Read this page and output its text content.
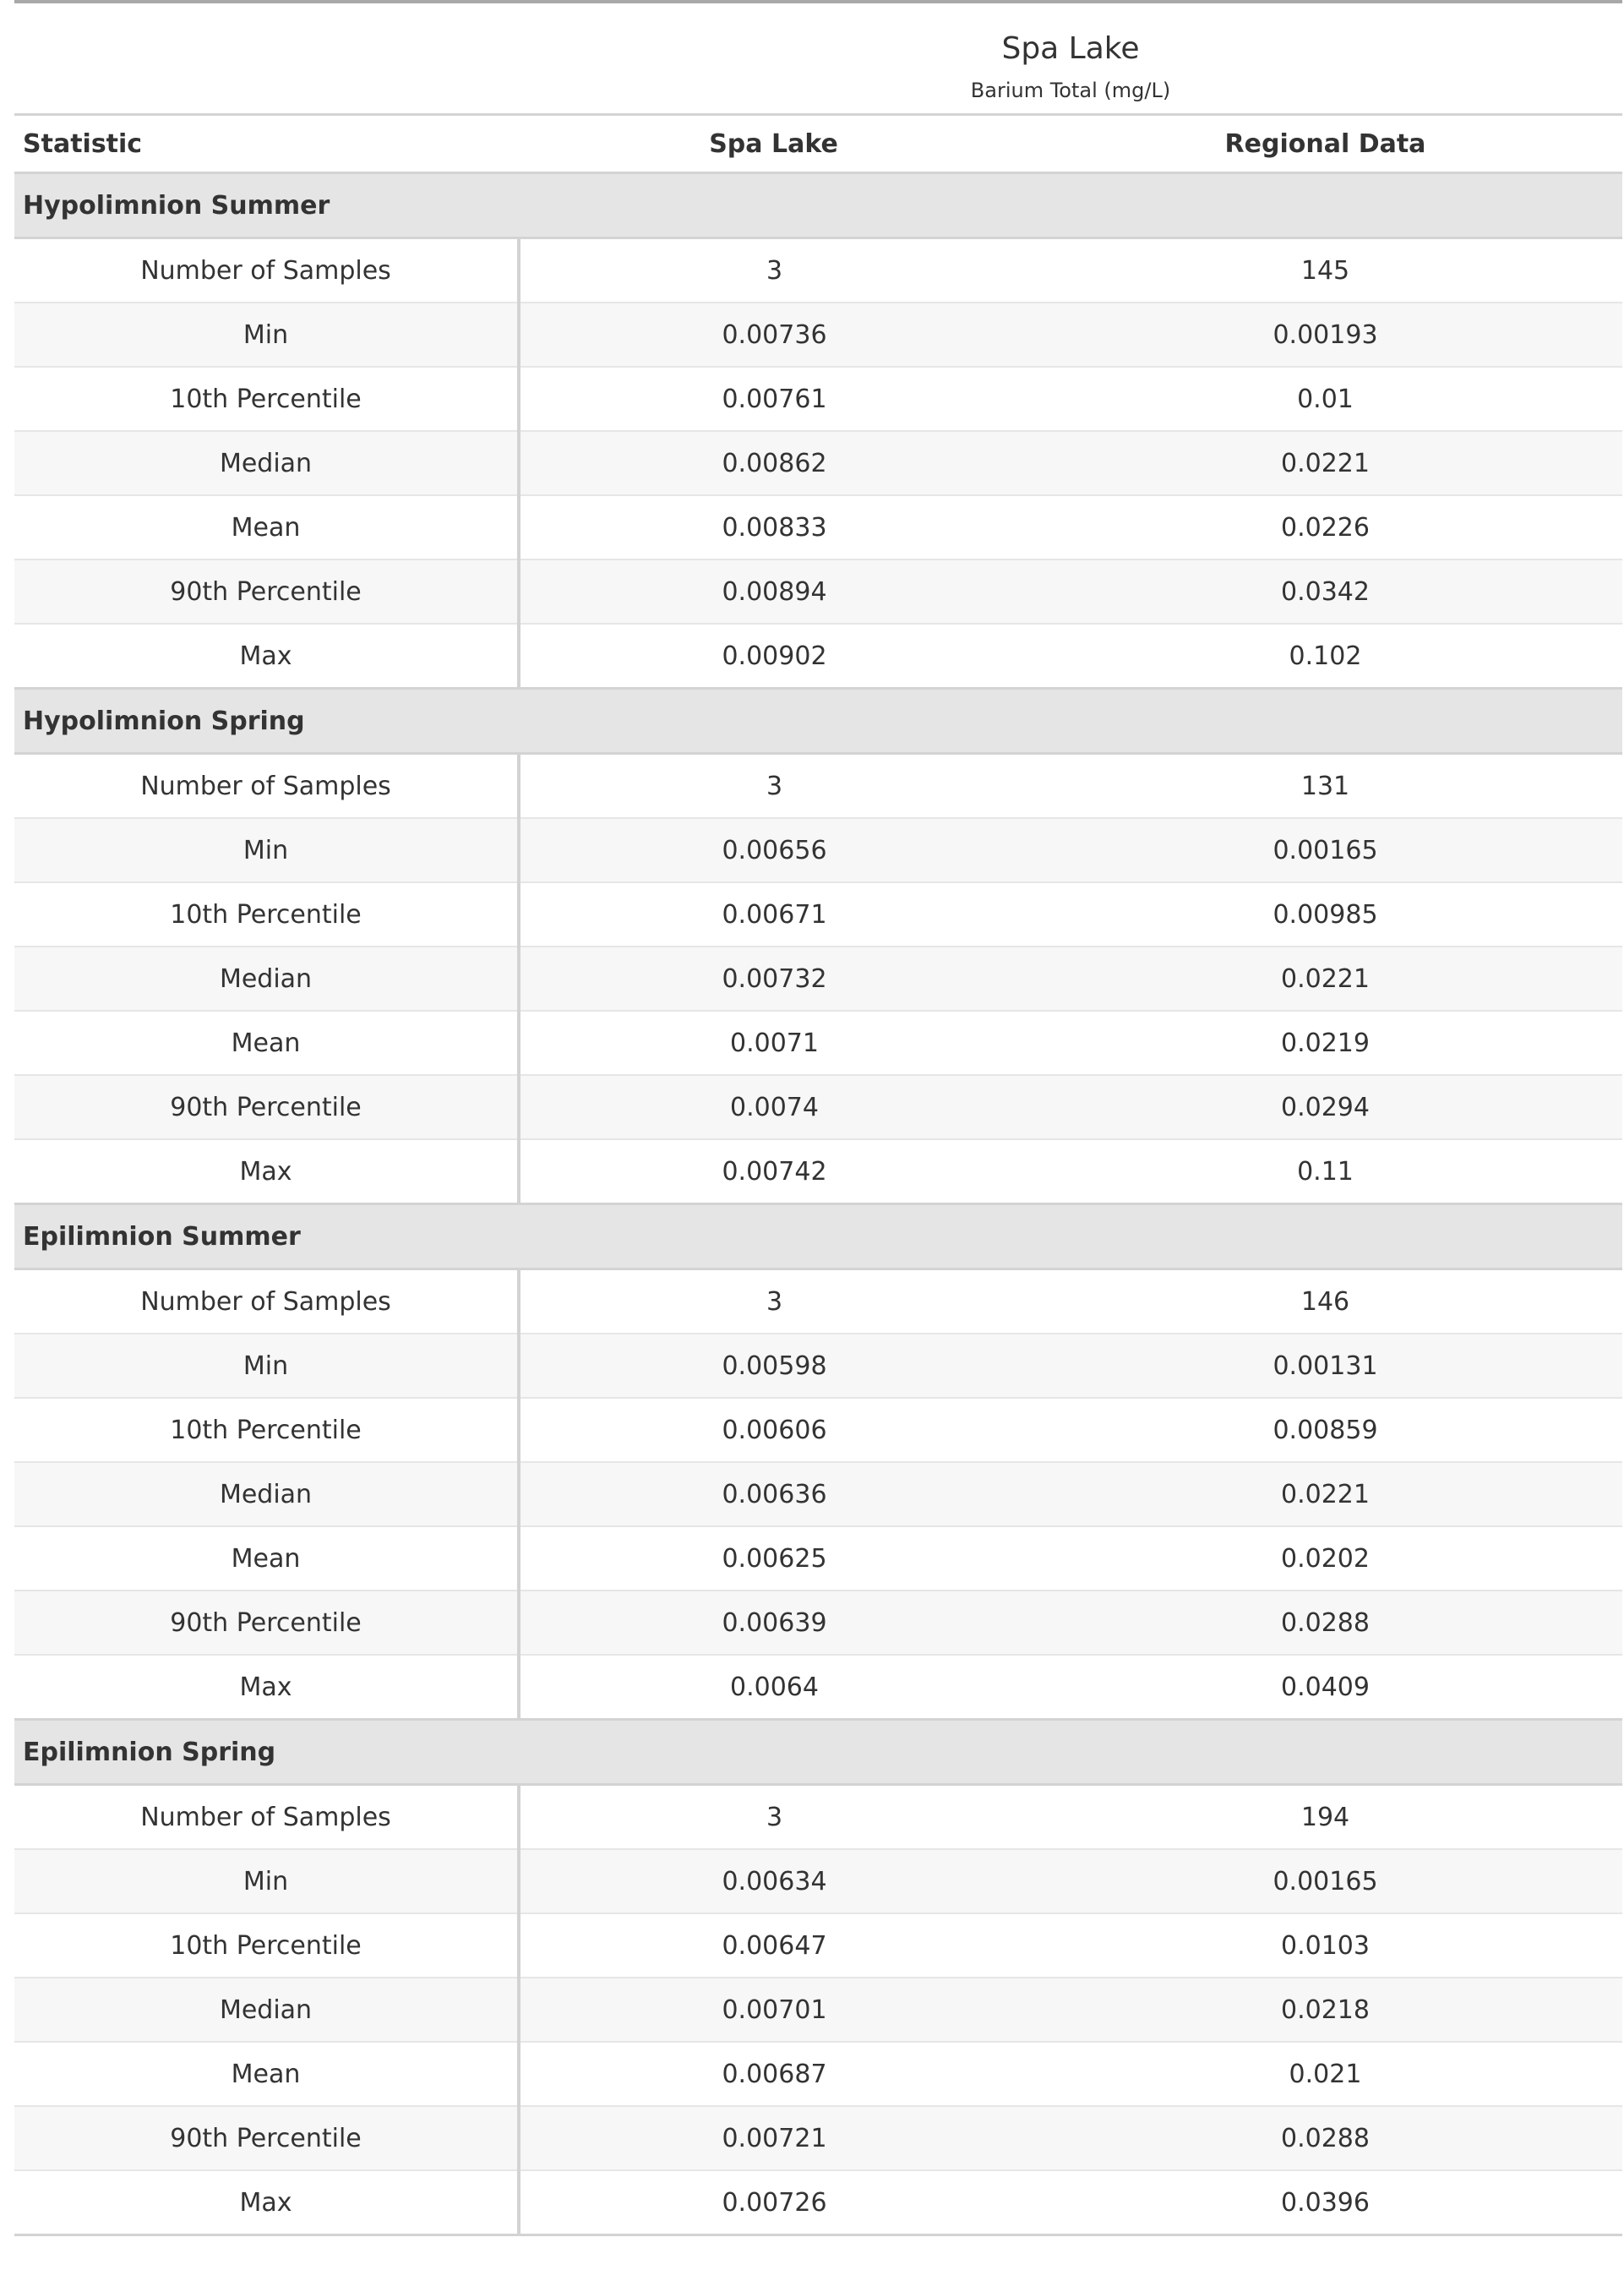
	Spa Lake
Barium Total (mg/L)	

Statistic	Spa Lake	Regional Data
Hypolimnion Summer		
Number of Samples	3	145
Min	0.00736	0.00193
10th Percentile	0.00761	0.01
Median	0.00862	0.0221
Mean	0.00833	0.0226
90th Percentile	0.00894	0.0342
Max	0.00902	0.102
Hypolimnion Spring		
Number of Samples	3	131
Min	0.00656	0.00165
10th Percentile	0.00671	0.00985
Median	0.00732	0.0221
Mean	0.0071	0.0219
90th Percentile	0.0074	0.0294
Max	0.00742	0.11
Epilimnion Summer		
Number of Samples	3	146
Min	0.00598	0.00131
10th Percentile	0.00606	0.00859
Median	0.00636	0.0221
Mean	0.00625	0.0202
90th Percentile	0.00639	0.0288
Max	0.0064	0.0409
Epilimnion Spring		
Number of Samples	3	194
Min	0.00634	0.00165
10th Percentile	0.00647	0.0103
Median	0.00701	0.0218
Mean	0.00687	0.021
90th Percentile	0.00721	0.0288
Max	0.00726	0.0396
